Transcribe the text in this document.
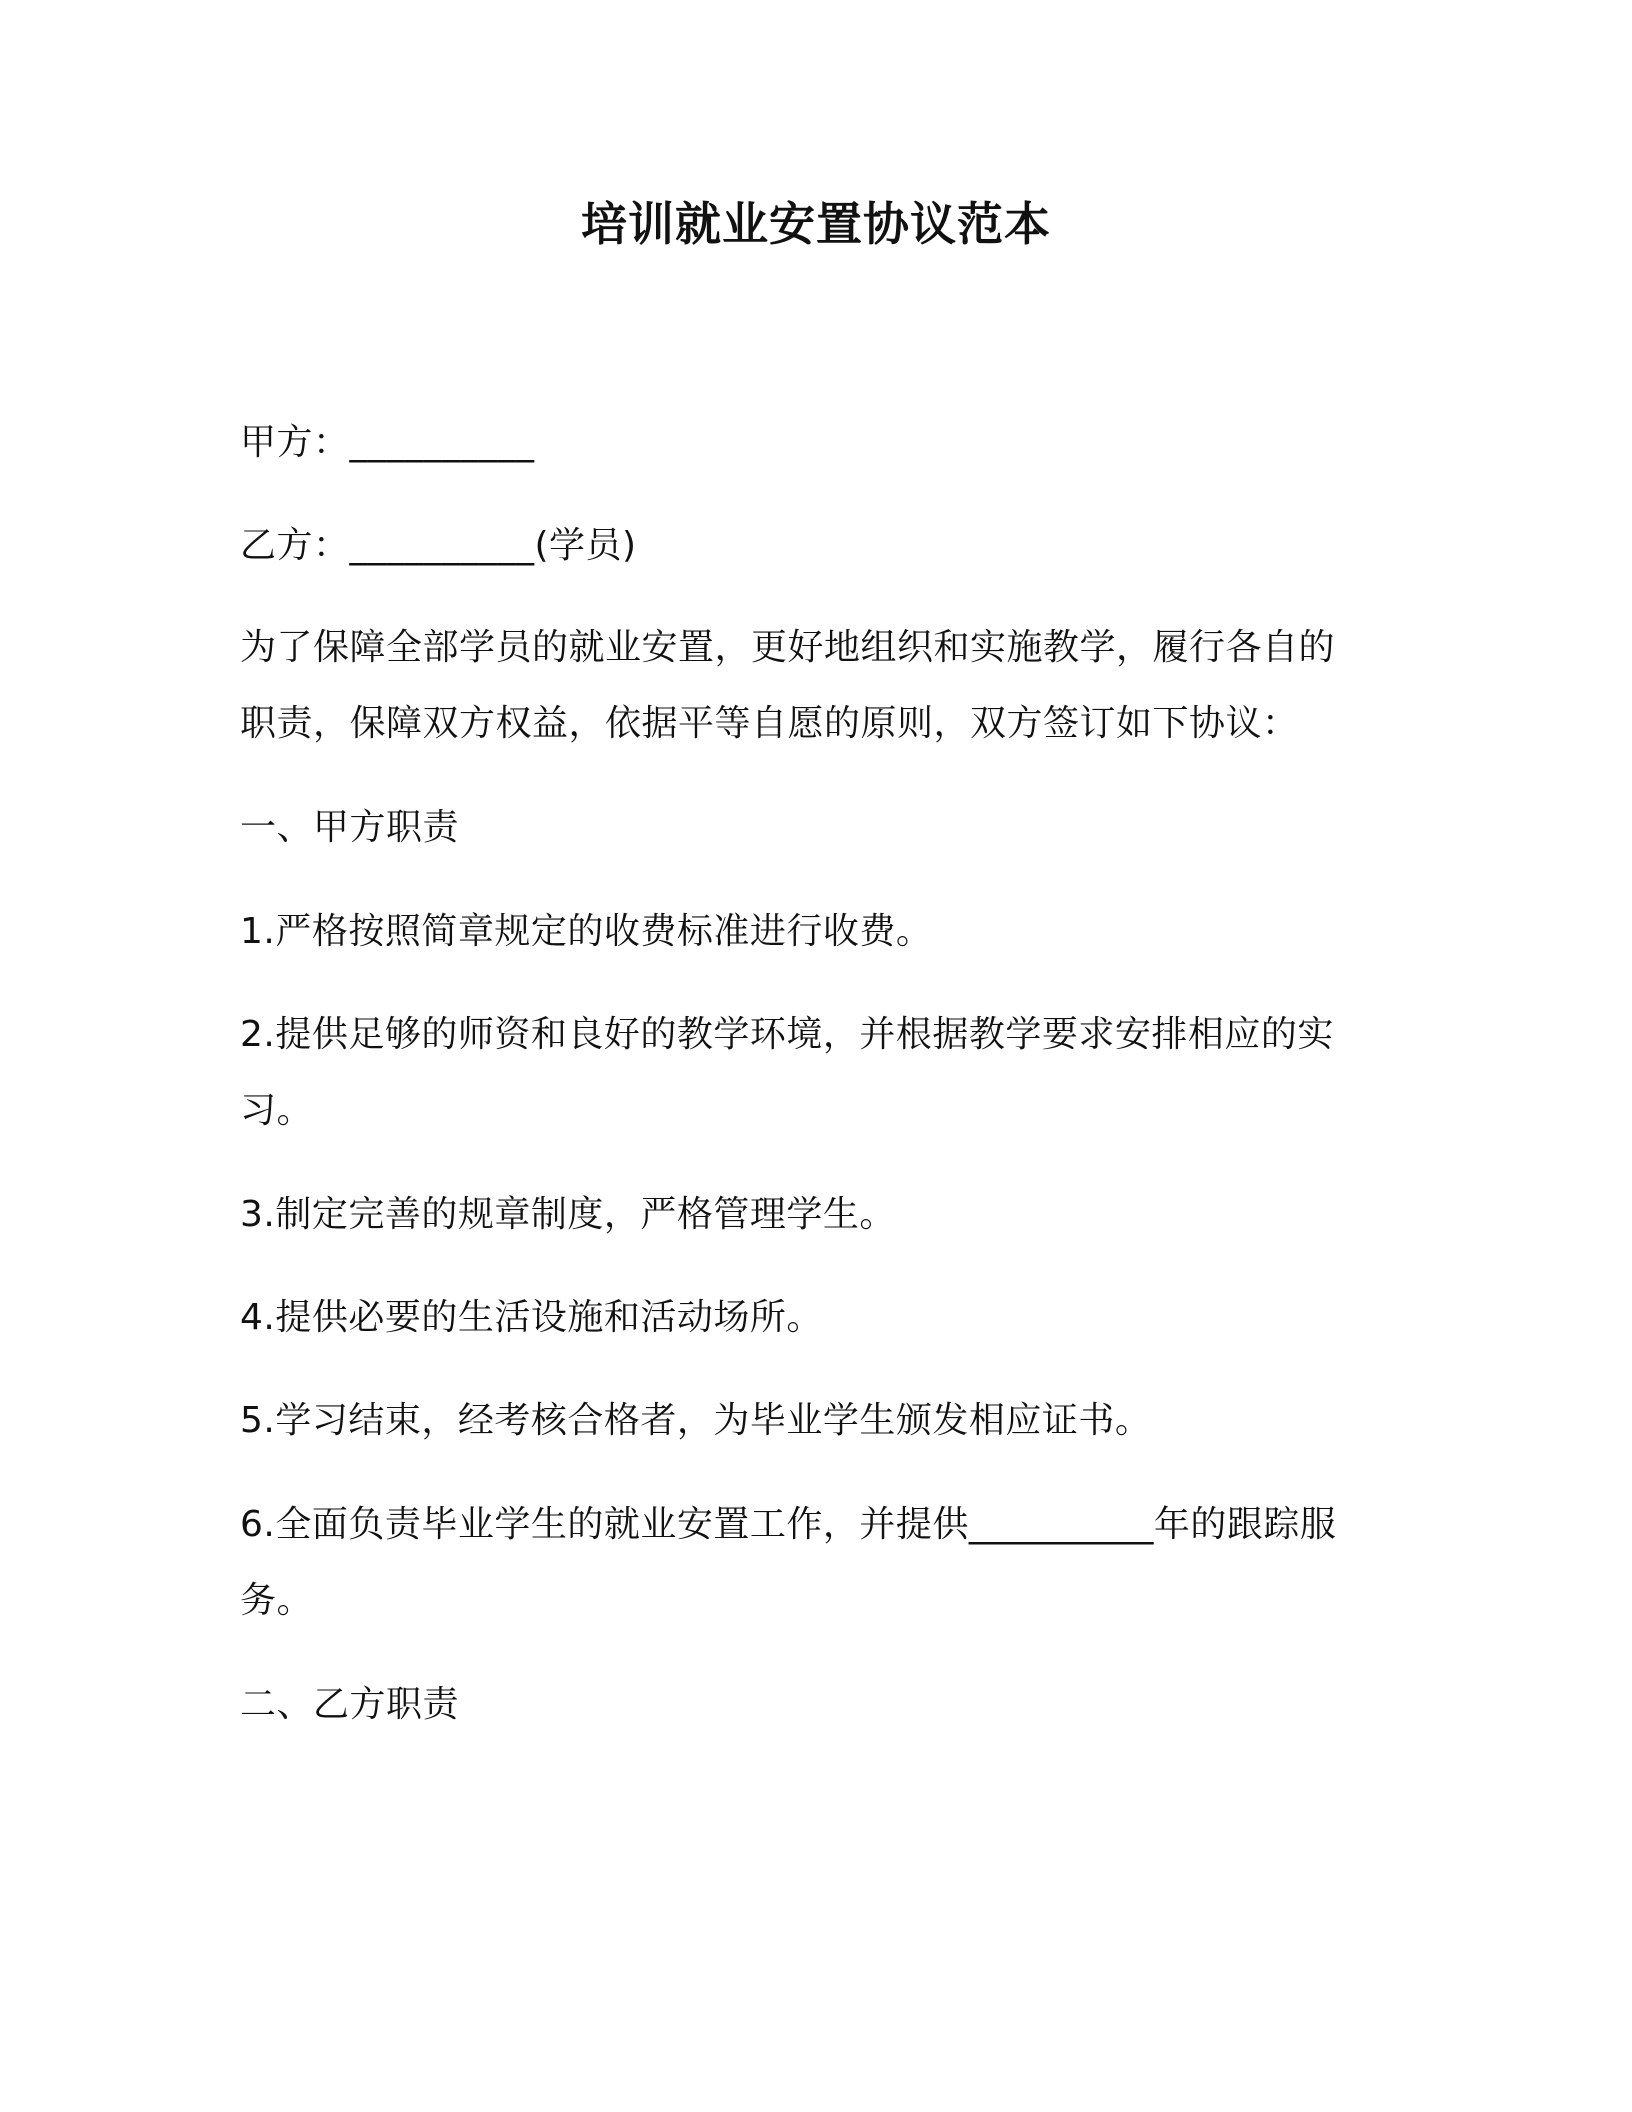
培训就业安置协议范本
甲方：__________
乙方：__________(学员)
为了保障全部学员的就业安置，更好地组织和实施教学，履行各自的
职责，保障双方权益，依据平等自愿的原则，双方签订如下协议：
一、甲方职责
1.严格按照简章规定的收费标准进行收费。
2.提供足够的师资和良好的教学环境，并根据教学要求安排相应的实
习。
3.制定完善的规章制度，严格管理学生。
4.提供必要的生活设施和活动场所。
5.学习结束，经考核合格者，为毕业学生颁发相应证书。
6.全面负责毕业学生的就业安置工作，并提供__________年的跟踪服
务。
二、乙方职责
